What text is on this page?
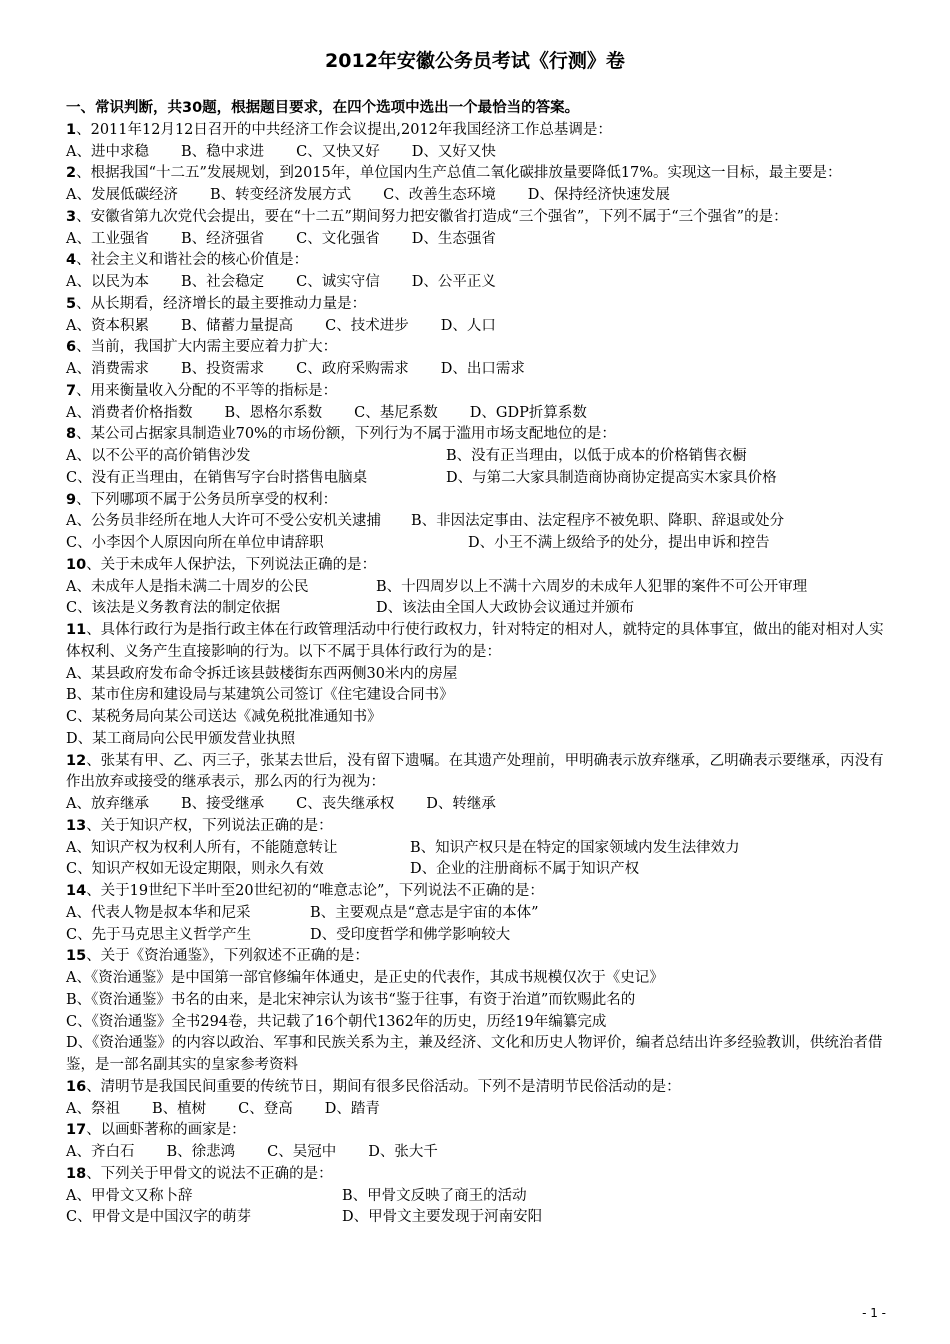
2012年安徽公务员考试《行测》卷
一、常识判断，共30题，根据题目要求，在四个选项中选出一个最恰当的答案。
1、2011年12月12日召开的中共经济工作会议提出,2012年我国经济工作总基调是：
A、进中求稳 B、稳中求进 C、又快又好 D、又好又快
2、根据我国“十二五”发展规划，到2015年，单位国内生产总值二氧化碳排放量要降低17%。实现这一目标，最主要是：
A、发展低碳经济 B、转变经济发展方式 C、改善生态环境 D、保持经济快速发展
3、安徽省第九次党代会提出，要在“十二五”期间努力把安徽省打造成“三个强省”，下列不属于“三个强省”的是：
A、工业强省 B、经济强省 C、文化强省 D、生态强省
4、社会主义和谐社会的核心价值是：
A、以民为本 B、社会稳定 C、诚实守信 D、公平正义
5、从长期看，经济增长的最主要推动力量是：
A、资本积累 B、储蓄力量提高 C、技术进步 D、人口
6、当前，我国扩大内需主要应着力扩大：
A、消费需求 B、投资需求 C、政府采购需求 D、出口需求
7、用来衡量收入分配的不平等的指标是：
A、消费者价格指数 B、恩格尔系数 C、基尼系数 D、GDP折算系数
8、某公司占据家具制造业70%的市场份额，下列行为不属于滥用市场支配地位的是：
A、以不公平的高价销售沙发	B、没有正当理由，以低于成本的价格销售衣橱
C、没有正当理由，在销售写字台时搭售电脑桌	D、与第二大家具制造商协商协定提高实木家具价格
9、下列哪项不属于公务员所享受的权利：
A、公务员非经所在地人大许可不受公安机关逮捕 B、非因法定事由、法定程序不被免职、降职、辞退或处分
C、小李因个人原因向所在单位申请辞职	D、小王不满上级给予的处分，提出申诉和控告
10、关于未成年人保护法，下列说法正确的是：
A、未成年人是指未满二十周岁的公民	B、十四周岁以上不满十六周岁的未成年人犯罪的案件不可公开审理
C、该法是义务教育法的制定依据	D、该法由全国人大政协会议通过并颁布
11、具体行政行为是指行政主体在行政管理活动中行使行政权力，针对特定的相对人，就特定的具体事宜，做出的能对相对人实体权利、义务产生直接影响的行为。以下不属于具体行政行为的是：
A、某县政府发布命令拆迁该县鼓楼街东西两侧30米内的房屋
B、某市住房和建设局与某建筑公司签订《住宅建设合同书》
C、某税务局向某公司送达《减免税批准通知书》
D、某工商局向公民甲颁发营业执照
12、张某有甲、乙、丙三子，张某去世后，没有留下遗嘱。在其遗产处理前，甲明确表示放弃继承，乙明确表示要继承，丙没有作出放弃或接受的继承表示，那么丙的行为视为：
A、放弃继承 B、接受继承 C、丧失继承权 D、转继承
13、关于知识产权，下列说法正确的是：
A、知识产权为权利人所有，不能随意转让	B、知识产权只是在特定的国家领域内发生法律效力
C、知识产权如无设定期限，则永久有效	D、企业的注册商标不属于知识产权
14、关于19世纪下半叶至20世纪初的“唯意志论”，下列说法不正确的是：
A、代表人物是叔本华和尼采	B、主要观点是“意志是宇宙的本体”
C、先于马克思主义哲学产生	D、受印度哲学和佛学影响较大
15、关于《资治通鉴》，下列叙述不正确的是：
A、《资治通鉴》是中国第一部官修编年体通史，是正史的代表作，其成书规模仅次于《史记》
B、《资治通鉴》书名的由来，是北宋神宗认为该书“鉴于往事，有资于治道”而钦赐此名的
C、《资治通鉴》全书294卷，共记载了16个朝代1362年的历史，历经19年编纂完成
D、《资治通鉴》的内容以政治、军事和民族关系为主，兼及经济、文化和历史人物评价，编者总结出许多经验教训，供统治者借鉴，是一部名副其实的皇家参考资料
16、清明节是我国民间重要的传统节日，期间有很多民俗活动。下列不是清明节民俗活动的是：
A、祭祖 B、植树 C、登高 D、踏青
17、以画虾著称的画家是：
A、齐白石 B、徐悲鸿 C、吴冠中 D、张大千
18、下列关于甲骨文的说法不正确的是：
A、甲骨文又称卜辞	B、甲骨文反映了商王的活动
C、甲骨文是中国汉字的萌芽	D、甲骨文主要发现于河南安阳
- 1 -
